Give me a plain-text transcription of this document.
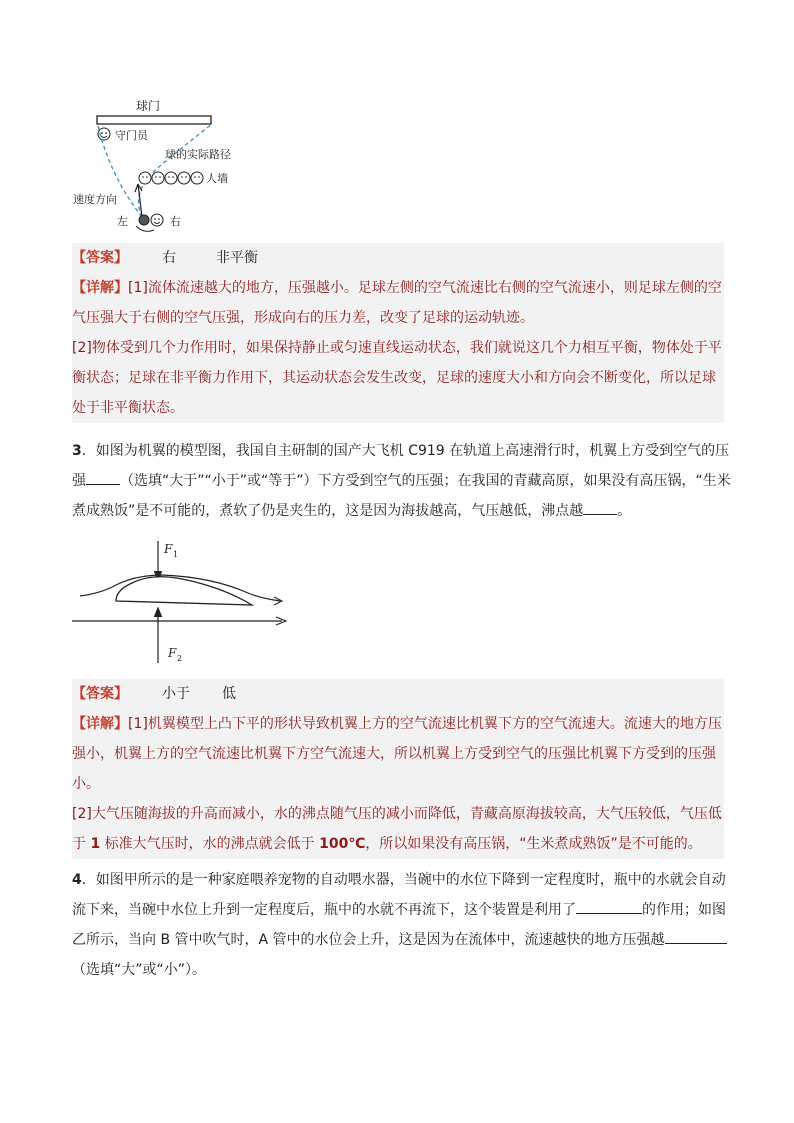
球门
守门员
球的实际路径
人墙
速度方向
左	右
【答案】 右	非平衡
【详解】[1]流体流速越大的地方，压强越小。足球左侧的空气流速比右侧的空气流速小，则足球左侧的空
气压强大于右侧的空气压强，形成向右的压力差，改变了足球的运动轨迹。
[2]物体受到几个力作用时，如果保持静止或匀速直线运动状态，我们就说这几个力相互平衡，物体处于平
衡状态；足球在非平衡力作用下，其运动状态会发生改变，足球的速度大小和方向会不断变化，所以足球
处于非平衡状态。
3．如图为机翼的模型图，我国自主研制的国产大飞机 C919 在轨道上高速滑行时，机翼上方受到空气的压
强 （选填“大于”“小于”或“等于”）下方受到空气的压强；在我国的青藏高原，如果没有高压锅，“生米
煮成熟饭”是不可能的，煮软了仍是夹生的，这是因为海拔越高，气压越低，沸点越 。
F 1
F 2
【答案】 小于 低
【详解】[1]机翼模型上凸下平的形状导致机翼上方的空气流速比机翼下方的空气流速大。流速大的地方压
强小，机翼上方的空气流速比机翼下方空气流速大，所以机翼上方受到空气的压强比机翼下方受到的压强
小。
[2]大气压随海拔的升高而减小，水的沸点随气压的减小而降低，青藏高原海拔较高，大气压较低，气压低
于 1 标准大气压时，水的沸点就会低于 100℃，所以如果没有高压锅，“生米煮成熟饭”是不可能的。
4．如图甲所示的是一种家庭喂养宠物的自动喂水器，当碗中的水位下降到一定程度时，瓶中的水就会自动
流下来，当碗中水位上升到一定程度后，瓶中的水就不再流下，这个装置是利用了	的作用；如图
乙所示，当向 B 管中吹气时，A 管中的水位会上升，这是因为在流体中，流速越快的地方压强越
（选填“大”或“小”）。
